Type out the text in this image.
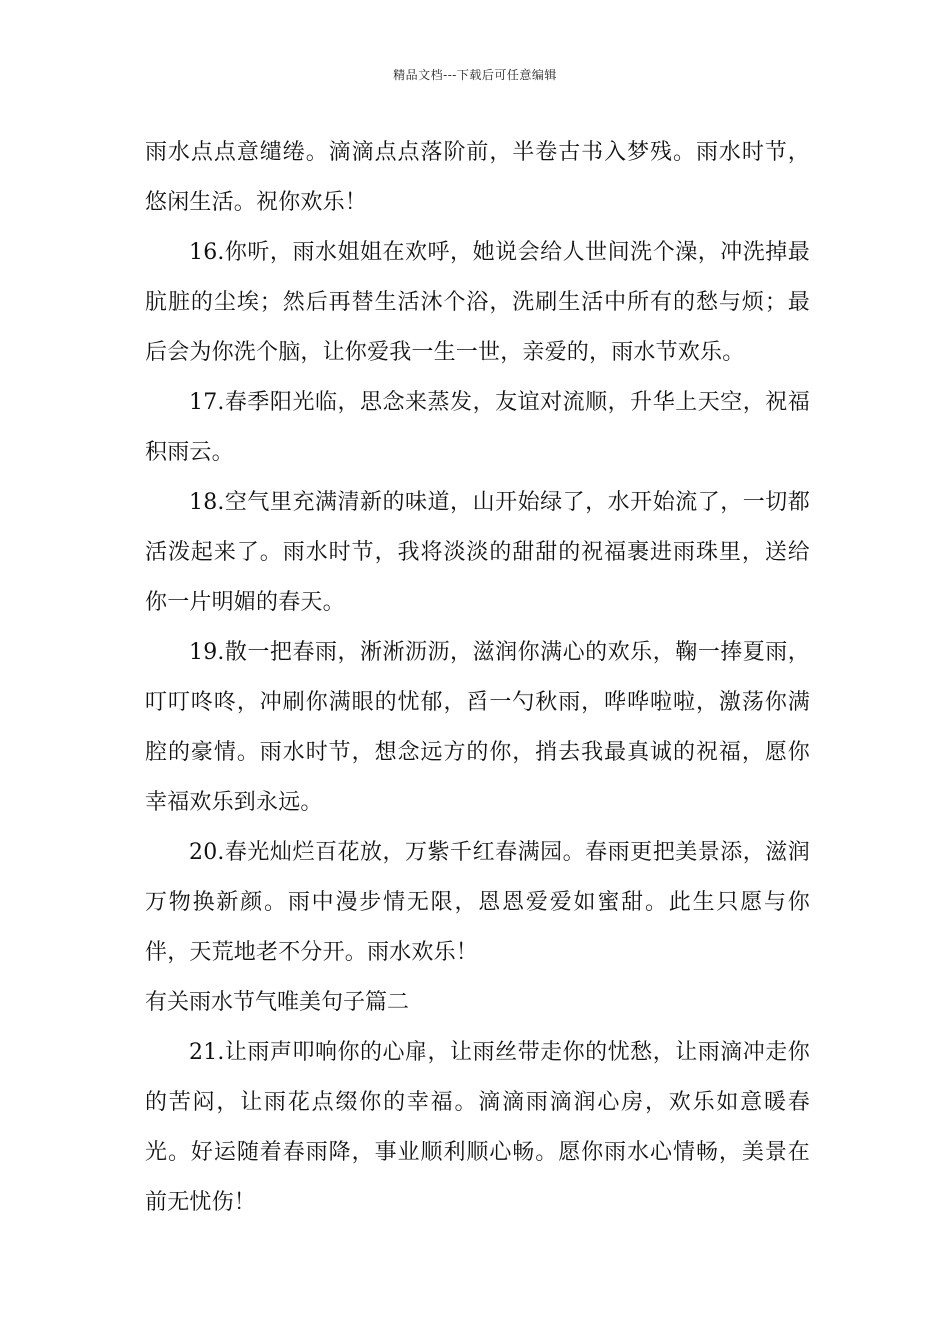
精品文档---下载后可任意编辑

雨水点点意缱绻。滴滴点点落阶前，半卷古书入梦残。雨水时节，悠闲生活。祝你欢乐！

16.你听，雨水姐姐在欢呼，她说会给人世间洗个澡，冲洗掉最肮脏的尘埃；然后再替生活沐个浴，洗刷生活中所有的愁与烦；最后会为你洗个脑，让你爱我一生一世，亲爱的，雨水节欢乐。

17.春季阳光临，思念来蒸发，友谊对流顺，升华上天空，祝福积雨云。

18.空气里充满清新的味道，山开始绿了，水开始流了，一切都活泼起来了。雨水时节，我将淡淡的甜甜的祝福裹进雨珠里，送给你一片明媚的春天。

19.散一把春雨，淅淅沥沥，滋润你满心的欢乐，鞠一捧夏雨，叮叮咚咚，冲刷你满眼的忧郁，舀一勺秋雨，哗哗啦啦，激荡你满腔的豪情。雨水时节，想念远方的你，捎去我最真诚的祝福，愿你幸福欢乐到永远。

20.春光灿烂百花放，万紫千红春满园。春雨更把美景添，滋润万物换新颜。雨中漫步情无限，恩恩爱爱如蜜甜。此生只愿与你伴，天荒地老不分开。雨水欢乐！

有关雨水节气唯美句子篇二

21.让雨声叩响你的心扉，让雨丝带走你的忧愁，让雨滴冲走你的苦闷，让雨花点缀你的幸福。滴滴雨滴润心房，欢乐如意暖春光。好运随着春雨降，事业顺利顺心畅。愿你雨水心情畅，美景在前无忧伤！
